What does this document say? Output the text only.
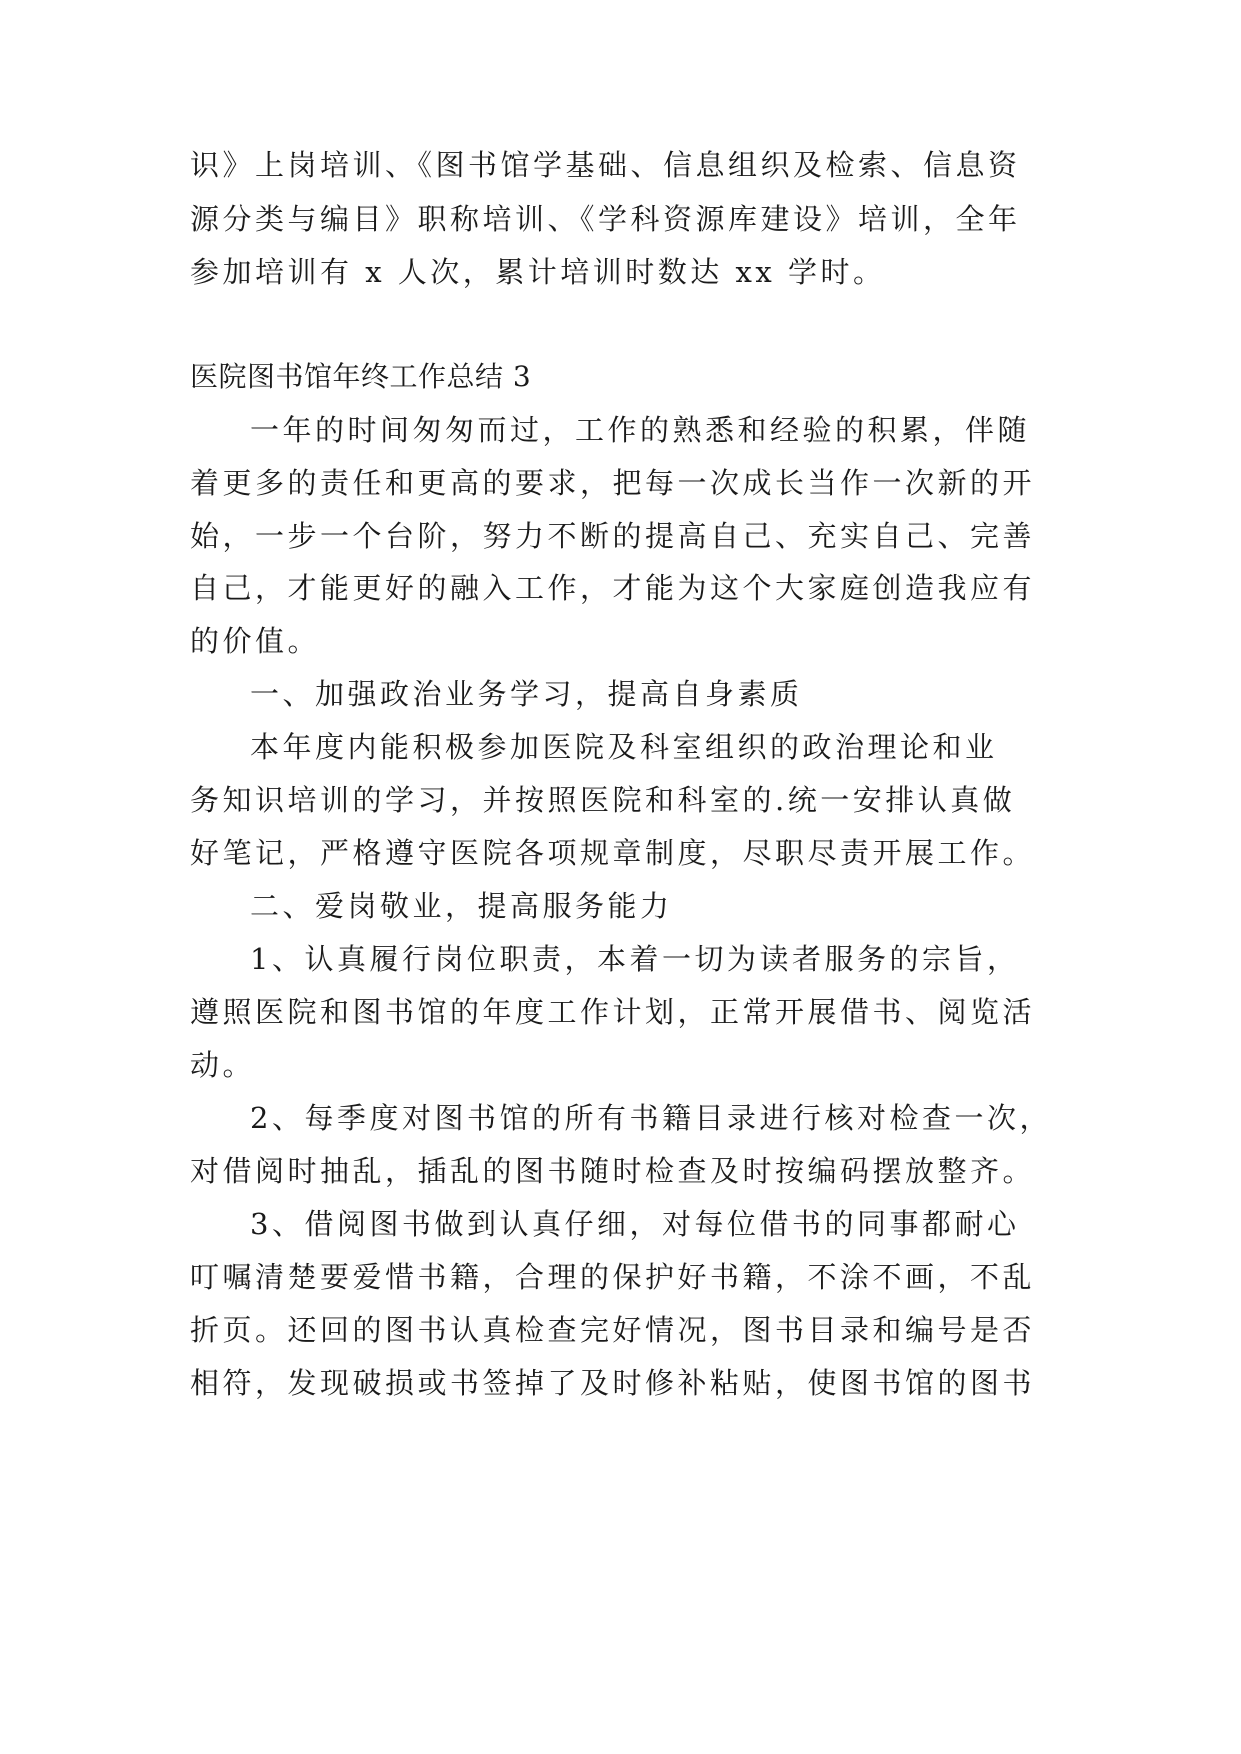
识》上岗培训、《图书馆学基础、信息组织及检索、信息资
源分类与编目》职称培训、《学科资源库建设》培训，全年
参加培训有 x 人次，累计培训时数达 xx 学时。
医院图书馆年终工作总结 3
一年的时间匆匆而过，工作的熟悉和经验的积累，伴随
着更多的责任和更高的要求，把每一次成长当作一次新的开
始，一步一个台阶，努力不断的提高自己、充实自己、完善
自己，才能更好的融入工作，才能为这个大家庭创造我应有
的价值。
一、加强政治业务学习，提高自身素质
本年度内能积极参加医院及科室组织的政治理论和业
务知识培训的学习，并按照医院和科室的.统一安排认真做
好笔记，严格遵守医院各项规章制度，尽职尽责开展工作。
二、爱岗敬业，提高服务能力
1、认真履行岗位职责，本着一切为读者服务的宗旨，
遵照医院和图书馆的年度工作计划，正常开展借书、阅览活
动。
2、每季度对图书馆的所有书籍目录进行核对检查一次，
对借阅时抽乱，插乱的图书随时检查及时按编码摆放整齐。
3、借阅图书做到认真仔细，对每位借书的同事都耐心
叮嘱清楚要爱惜书籍，合理的保护好书籍，不涂不画，不乱
折页。还回的图书认真检查完好情况，图书目录和编号是否
相符，发现破损或书签掉了及时修补粘贴，使图书馆的图书
